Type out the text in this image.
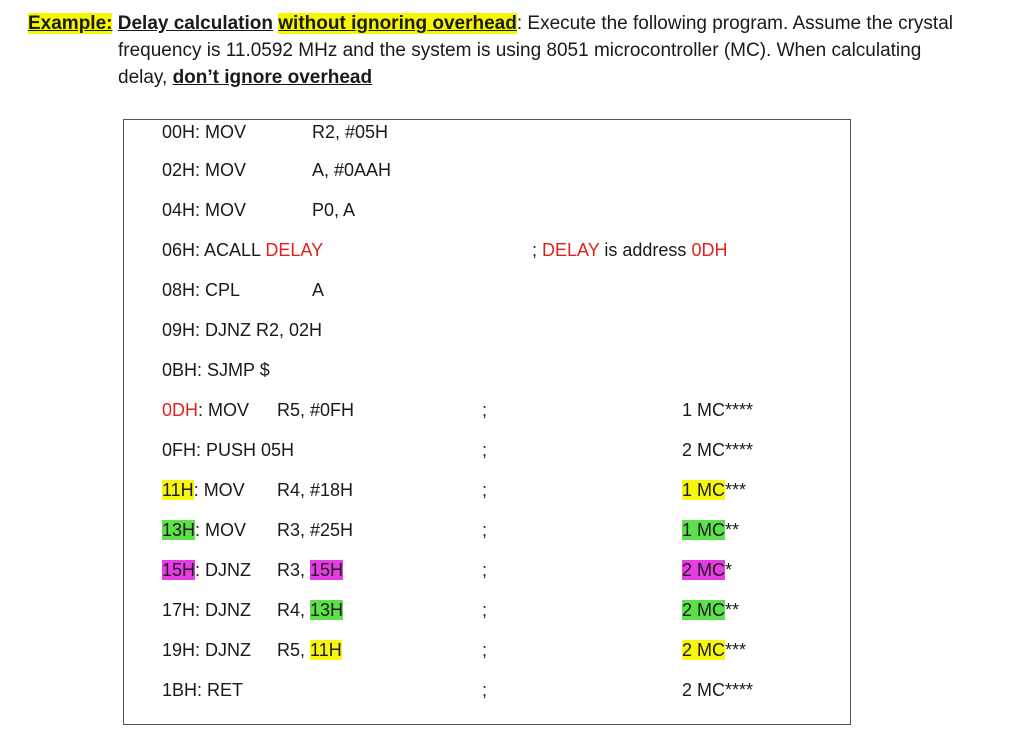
Example: Delay calculation without ignoring overhead: Execute the following program. Assume the crystal
frequency is 11.0592 MHz and the system is using 8051 microcontroller (MC). When calculating
delay, don’t ignore overhead
00H: MOV	R2, #05H
02H: MOV	A, #0AAH
04H: MOV	P0, A
06H: ACALL DELAY	; DELAY is address 0DH
08H: CPL	A
09H: DJNZ R2, 02H
0BH: SJMP $
0DH: MOV R5, #0FH	;	1 MC****
0FH: PUSH 05H	;	2 MC****
11H: MOV R4, #18H	;	1 MC***
13H: MOV R3, #25H	;	1 MC**
15H: DJNZ R3, 15H	;	2 MC*
17H: DJNZ R4, 13H	;	2 MC**
19H: DJNZ R5, 11H	;	2 MC***
1BH: RET	;	2 MC****
